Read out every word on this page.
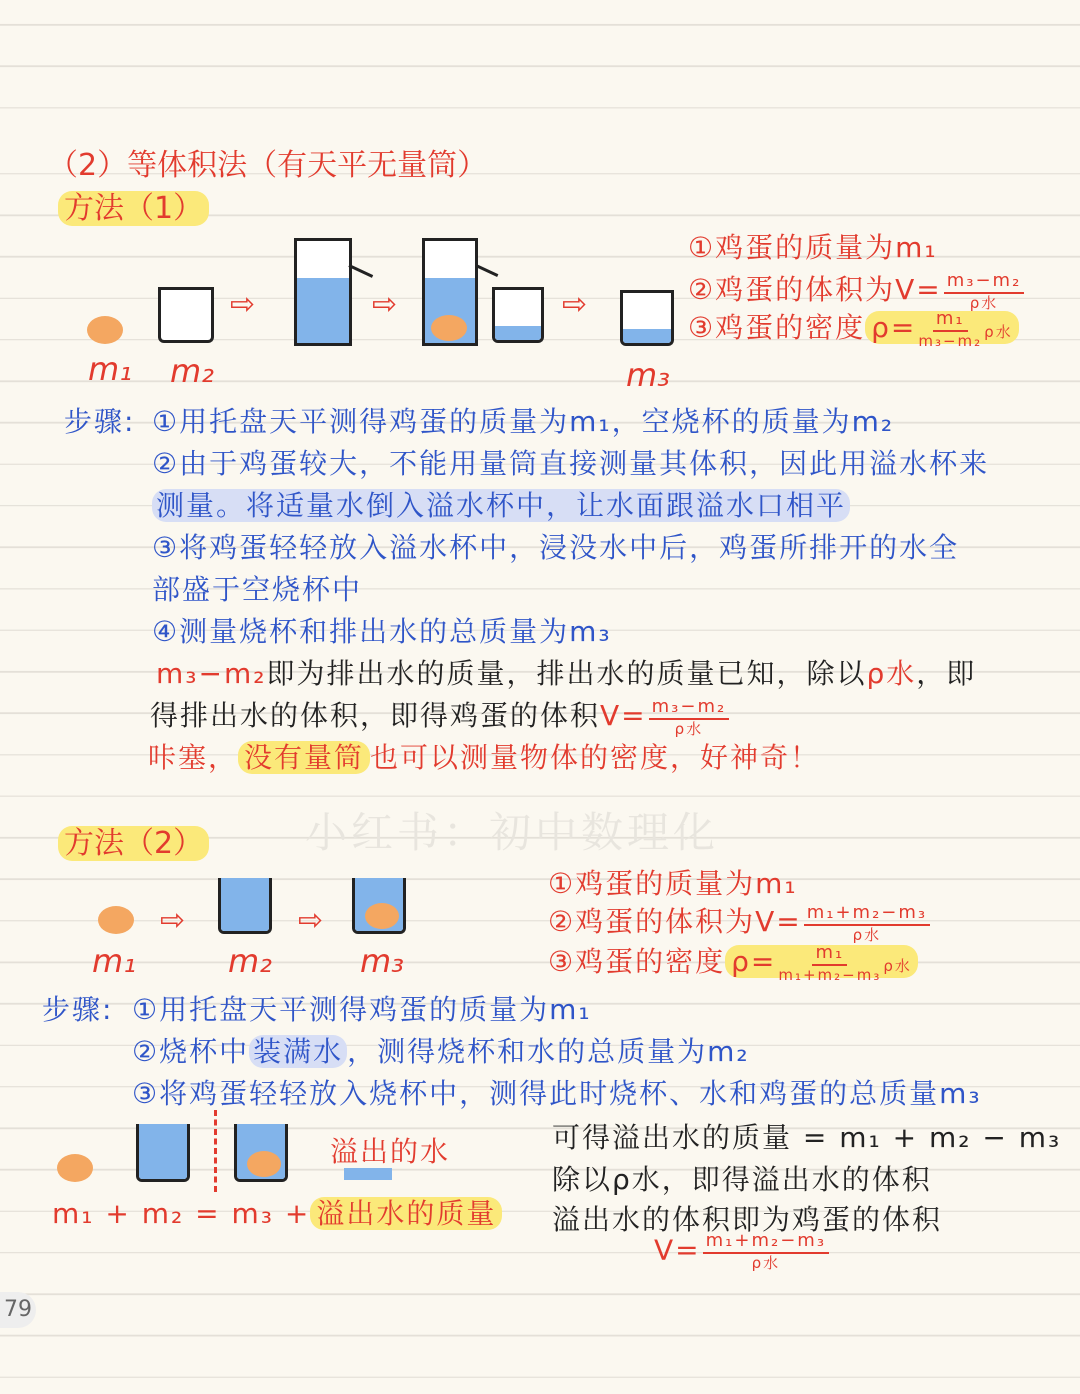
小红书：初中数理化
（2）等体积法（有天平无量筒）
方法（1）
⇨	⇨	⇨
m₁ m₂	m₃
①鸡蛋的质量为m₁
②鸡蛋的体积为$V= \frac{\text{m₃−m₂}}{\text{ρ水}}$
③鸡蛋的密度 $\rho= \frac{\text{m₁}}{\text{m₃−m₂}}$ ρ水
步骤: ①用托盘天平测得鸡蛋的质量为m₁，空烧杯的质量为m₂
②由于鸡蛋较大，不能用量筒直接测量其体积，因此用溢水杯来
测量。将适量水倒入溢水杯中，让水面跟溢水口相平
③将鸡蛋轻轻放入溢水杯中，浸没水中后，鸡蛋所排开的水全
部盛于空烧杯中
④测量烧杯和排出水的总质量为m₃
m₃−m₂即为排出水的质量，排出水的质量已知，除以ρ水，即
得排出水的体积，即得鸡蛋的体积$V= \frac{\text{m₃−m₂}}{\text{ρ水}}$
咔塞， 没有量筒 也可以测量物体的密度，好神奇！
方法（2）
⇨	⇨
m₁	m₂	m₃
①鸡蛋的质量为m₁
②鸡蛋的体积为$V= \frac{\text{m₁+m₂−m₃}}{\text{ρ水}}$
③鸡蛋的密度 $\rho= \frac{\text{m₁}}{\text{m₁+m₂−m₃}}$ ρ水
步骤: ①用托盘天平测得鸡蛋的质量为m₁
②烧杯中 装满水 ，测得烧杯和水的总质量为m₂
③将鸡蛋轻轻放入烧杯中，测得此时烧杯、水和鸡蛋的总质量m₃
溢出的水
m₁ + m₂ = m₃ + 溢出水的质量
可得溢出水的质量 = m₁ + m₂ − m₃
除以ρ水，即得溢出水的体积
溢出水的体积即为鸡蛋的体积
$V= \frac{\text{m₁+m₂−m₃}}{\text{ρ水}}$
79
